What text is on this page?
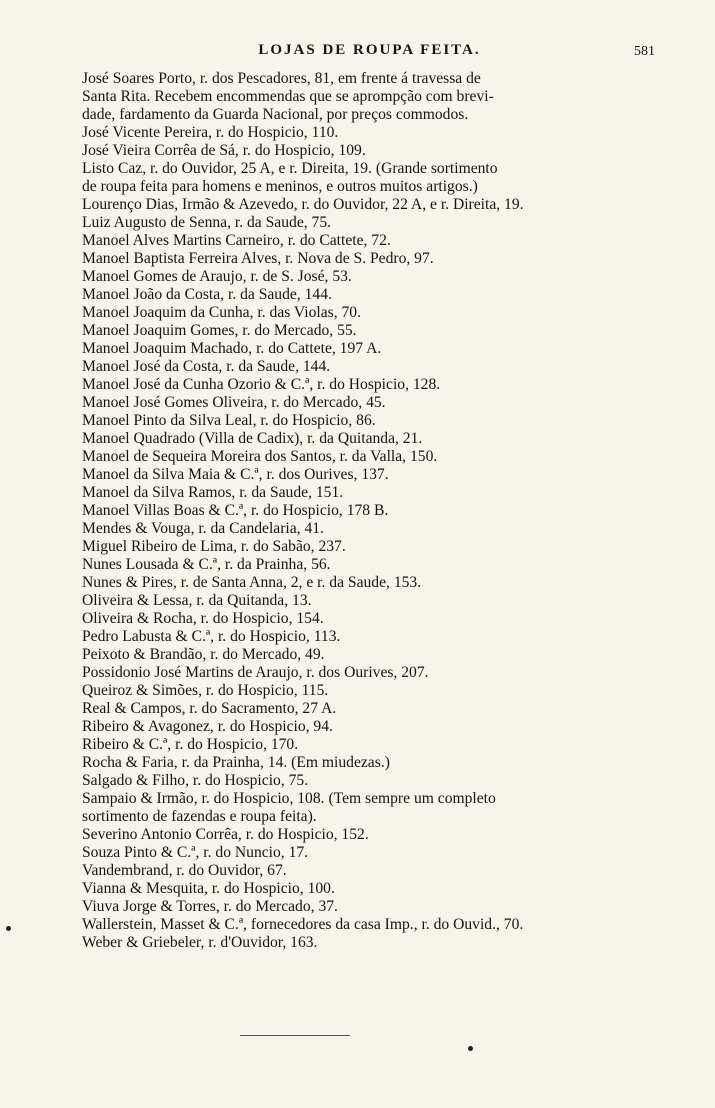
LOJAS DE ROUPA FEITA.	581
José Soares Porto, r. dos Pescadores, 81, em frente á travessa de
Santa Rita. Recebem encommendas que se aprompção com brevi-
dade, fardamento da Guarda Nacional, por preços commodos.
José Vicente Pereira, r. do Hospicio, 110.
José Vieira Corrêa de Sá, r. do Hospicio, 109.
Listo Caz, r. do Ouvidor, 25 A, e r. Direita, 19. (Grande sortimento
de roupa feita para homens e meninos, e outros muitos artigos.)
Lourenço Dias, Irmão & Azevedo, r. do Ouvidor, 22 A, e r. Direita, 19.
Luiz Augusto de Senna, r. da Saude, 75.
Manoel Alves Martins Carneiro, r. do Cattete, 72.
Manoel Baptista Ferreira Alves, r. Nova de S. Pedro, 97.
Manoel Gomes de Araujo, r. de S. José, 53.
Manoel João da Costa, r. da Saude, 144.
Manoel Joaquim da Cunha, r. das Violas, 70.
Manoel Joaquim Gomes, r. do Mercado, 55.
Manoel Joaquim Machado, r. do Cattete, 197 A.
Manoel José da Costa, r. da Saude, 144.
Manoel José da Cunha Ozorio & C.ª, r. do Hospicio, 128.
Manoel José Gomes Oliveira, r. do Mercado, 45.
Manoel Pinto da Silva Leal, r. do Hospicio, 86.
Manoel Quadrado (Villa de Cadix), r. da Quitanda, 21.
Manoel de Sequeira Moreira dos Santos, r. da Valla, 150.
Manoel da Silva Maia & C.ª, r. dos Ourives, 137.
Manoel da Silva Ramos, r. da Saude, 151.
Manoel Villas Boas & C.ª, r. do Hospicio, 178 B.
Mendes & Vouga, r. da Candelaria, 41.
Miguel Ribeiro de Lima, r. do Sabão, 237.
Nunes Lousada & C.ª, r. da Prainha, 56.
Nunes & Pires, r. de Santa Anna, 2, e r. da Saude, 153.
Oliveira & Lessa, r. da Quitanda, 13.
Oliveira & Rocha, r. do Hospicio, 154.
Pedro Labusta & C.ª, r. do Hospicio, 113.
Peixoto & Brandão, r. do Mercado, 49.
Possidonio José Martins de Araujo, r. dos Ourives, 207.
Queiroz & Simões, r. do Hospicio, 115.
Real & Campos, r. do Sacramento, 27 A.
Ribeiro & Avagonez, r. do Hospicio, 94.
Ribeiro & C.ª, r. do Hospicio, 170.
Rocha & Faria, r. da Prainha, 14. (Em miudezas.)
Salgado & Filho, r. do Hospicio, 75.
Sampaio & Irmão, r. do Hospicio, 108. (Tem sempre um completo
sortimento de fazendas e roupa feita).
Severino Antonio Corrêa, r. do Hospicio, 152.
Souza Pinto & C.ª, r. do Nuncio, 17.
Vandembrand, r. do Ouvidor, 67.
Vianna & Mesquita, r. do Hospicio, 100.
Viuva Jorge & Torres, r. do Mercado, 37.
Wallerstein, Masset & C.ª, fornecedores da casa Imp., r. do Ouvid., 70.
Weber & Griebeler, r. d'Ouvidor, 163.
